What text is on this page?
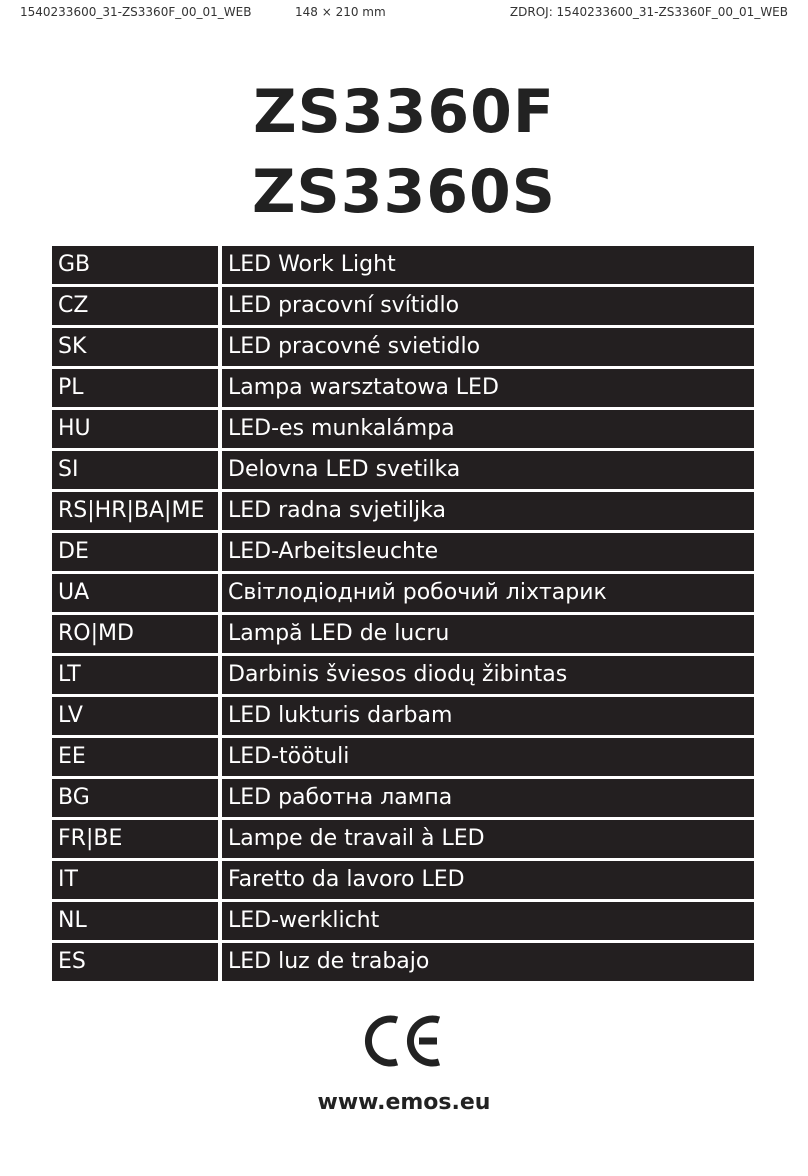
1540233600_31-ZS3360F_00_01_WEB	148 × 210 mm	ZDROJ: 1540233600_31-ZS3360F_00_01_WEB
ZS3360F
ZS3360S
GB	LED Work Light
CZ	LED pracovní svítidlo
SK	LED pracovné svietidlo
PL	Lampa warsztatowa LED
HU	LED-es munkalámpa
SI	Delovna LED svetilka
RS|HR|BA|ME	LED radna svjetiljka
DE	LED-Arbeitsleuchte
UA	Світлодіодний робочий ліхтарик
RO|MD	Lampă LED de lucru
LT	Darbinis šviesos diodų žibintas
LV	LED lukturis darbam
EE	LED-töötuli
BG	LED работна лампа
FR|BE	Lampe de travail à LED
IT	Faretto da lavoro LED
NL	LED-werklicht
ES	LED luz de trabajo
www.emos.eu
